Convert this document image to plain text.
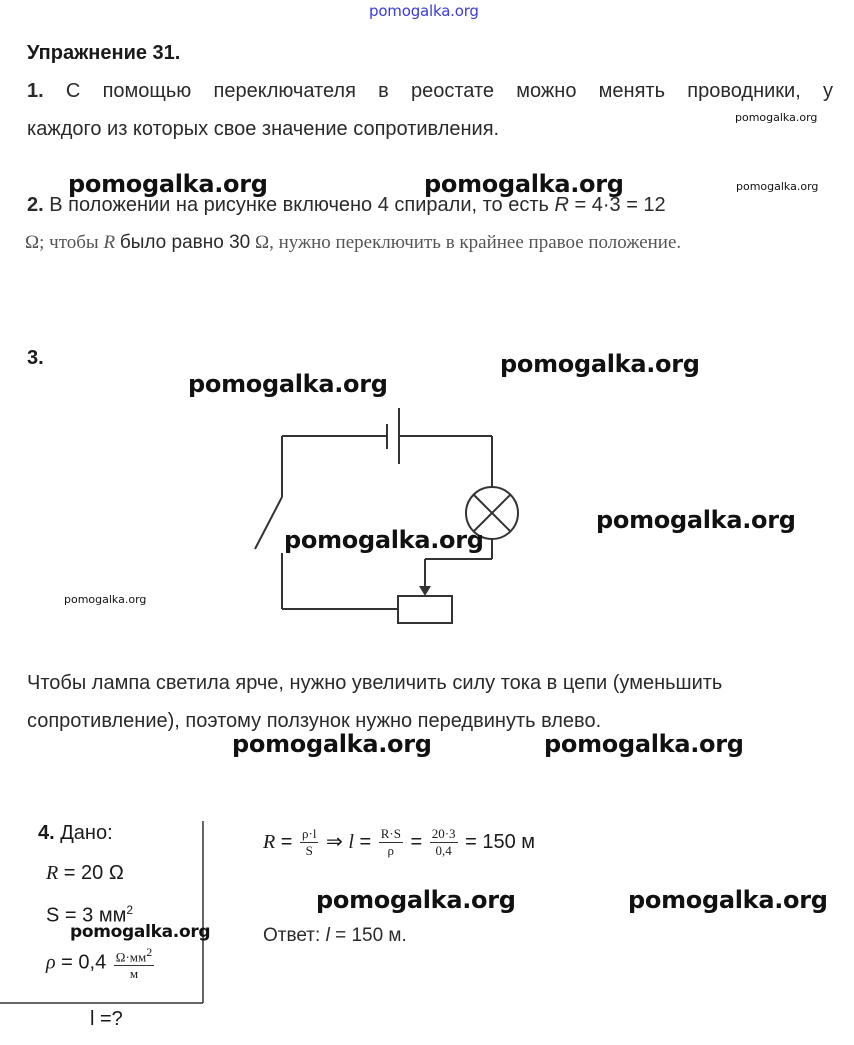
pomogalka.org
Упражнение 31.
1. С помощью переключателя в реостате можно менять проводники, у
каждого из которых свое значение сопротивления.
pomogalka.org
pomogalka.org	pomogalka.org	pomogalka.org
2. В положении на рисунке включено 4 спирали, то есть R = 4·3 = 12
Ω; чтобы R было равно 30 Ω, нужно переключить в крайнее правое положение.
3.	pomogalka.org
pomogalka.org
pomogalka.org
pomogalka.org
pomogalka.org
Чтобы лампа светила ярче, нужно увеличить силу тока в цепи (уменьшить
сопротивление), поэтому ползунок нужно передвинуть влево.
pomogalka.org	pomogalka.org
4. Дано:
R = 20 Ω
S = 3 $мм^2$
pomogalka.org
$\rho = 0,4 \frac{\Omega\cdot мм^2}{м}$
l =?
$R = \frac{\rho\cdot l}{S}$ ⇒ $l = \frac{R\cdot S}{\rho} = \frac{20\cdot 3}{0,4} = 150$ м
pomogalka.org	pomogalka.org
Ответ: l = 150 м.
